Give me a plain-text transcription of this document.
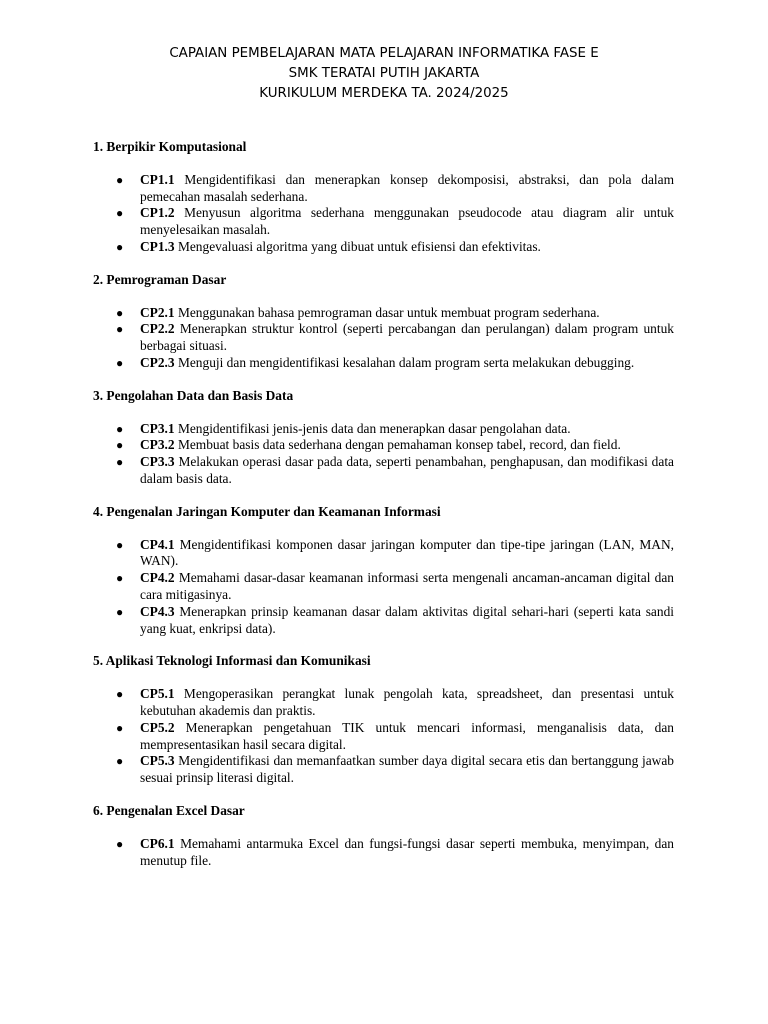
CAPAIAN PEMBELAJARAN MATA PELAJARAN INFORMATIKA FASE E
SMK TERATAI PUTIH JAKARTA
KURIKULUM MERDEKA TA. 2024/2025
1. Berpikir Komputasional
● CP1.1 Mengidentifikasi dan menerapkan konsep dekomposisi, abstraksi, dan pola dalam pemecahan masalah sederhana.
● CP1.2 Menyusun algoritma sederhana menggunakan pseudocode atau diagram alir untuk menyelesaikan masalah.
● CP1.3 Mengevaluasi algoritma yang dibuat untuk efisiensi dan efektivitas.
2. Pemrograman Dasar
● CP2.1 Menggunakan bahasa pemrograman dasar untuk membuat program sederhana.
● CP2.2 Menerapkan struktur kontrol (seperti percabangan dan perulangan) dalam program untuk berbagai situasi.
● CP2.3 Menguji dan mengidentifikasi kesalahan dalam program serta melakukan debugging.
3. Pengolahan Data dan Basis Data
● CP3.1 Mengidentifikasi jenis-jenis data dan menerapkan dasar pengolahan data.
● CP3.2 Membuat basis data sederhana dengan pemahaman konsep tabel, record, dan field.
● CP3.3 Melakukan operasi dasar pada data, seperti penambahan, penghapusan, dan modifikasi data dalam basis data.
4. Pengenalan Jaringan Komputer dan Keamanan Informasi
● CP4.1 Mengidentifikasi komponen dasar jaringan komputer dan tipe-tipe jaringan (LAN, MAN, WAN).
● CP4.2 Memahami dasar-dasar keamanan informasi serta mengenali ancaman-ancaman digital dan cara mitigasinya.
● CP4.3 Menerapkan prinsip keamanan dasar dalam aktivitas digital sehari-hari (seperti kata sandi yang kuat, enkripsi data).
5. Aplikasi Teknologi Informasi dan Komunikasi
● CP5.1 Mengoperasikan perangkat lunak pengolah kata, spreadsheet, dan presentasi untuk kebutuhan akademis dan praktis.
● CP5.2 Menerapkan pengetahuan TIK untuk mencari informasi, menganalisis data, dan mempresentasikan hasil secara digital.
● CP5.3 Mengidentifikasi dan memanfaatkan sumber daya digital secara etis dan bertanggung jawab sesuai prinsip literasi digital.
6. Pengenalan Excel Dasar
● CP6.1 Memahami antarmuka Excel dan fungsi-fungsi dasar seperti membuka, menyimpan, dan menutup file.
